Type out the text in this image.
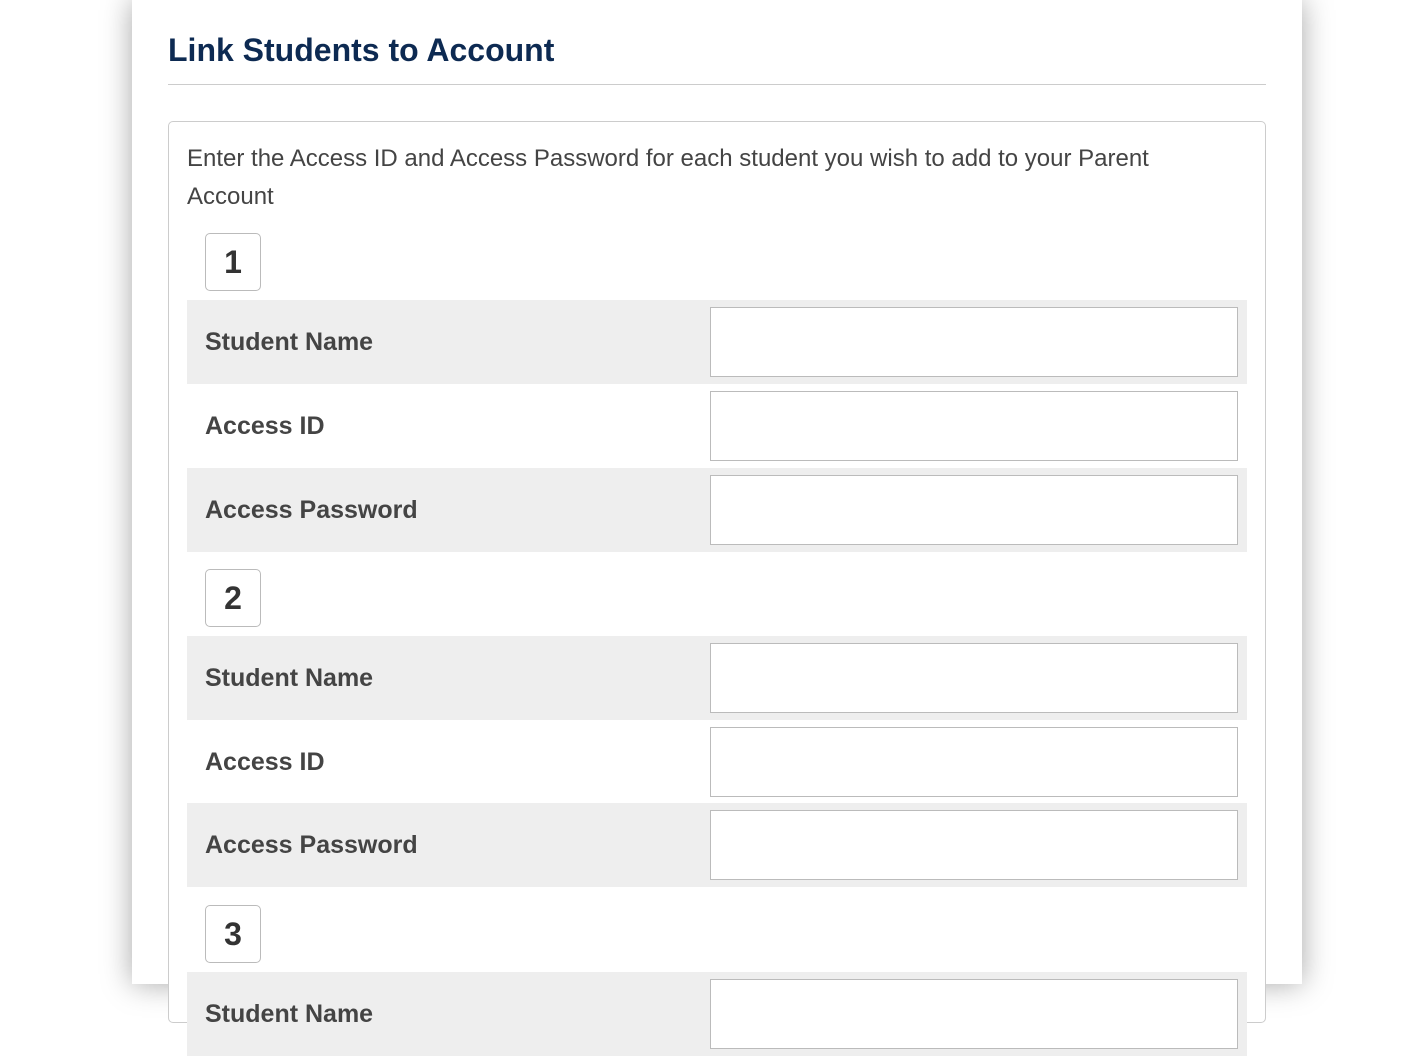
Link Students to Account

Enter the Access ID and Access Password for each student you wish to add to your Parent Account

1
Student Name
Access ID
Access Password
2
Student Name
Access ID
Access Password
3
Student Name
